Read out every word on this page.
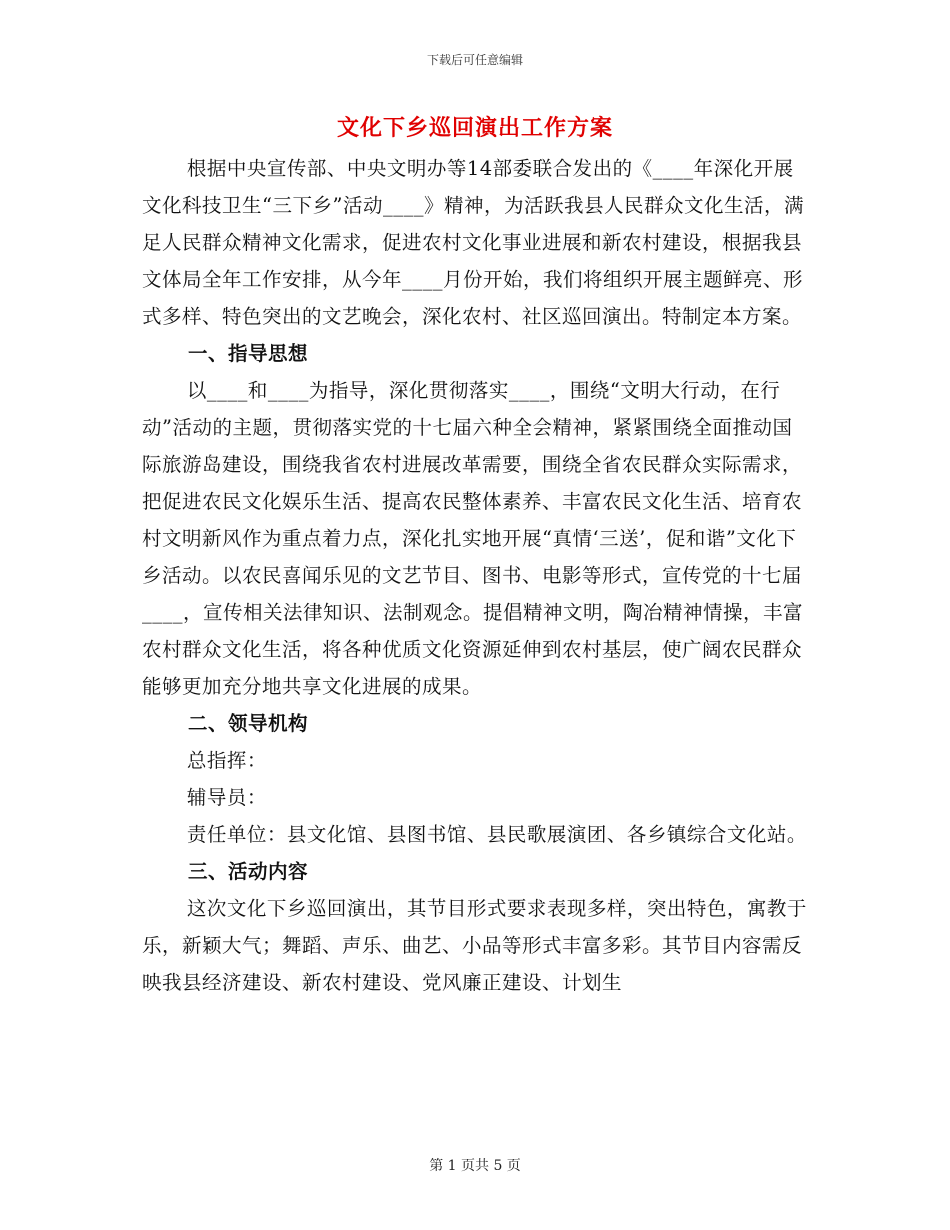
下载后可任意编辑
文化下乡巡回演出工作方案

根据中央宣传部、中央文明办等14部委联合发出的《____年深化开展文化科技卫生“三下乡”活动____》精神，为活跃我县人民群众文化生活，满足人民群众精神文化需求，促进农村文化事业进展和新农村建设，根据我县文体局全年工作安排，从今年____月份开始，我们将组织开展主题鲜亮、形式多样、特色突出的文艺晚会，深化农村、社区巡回演出。特制定本方案。

一、指导思想

以____和____为指导，深化贯彻落实____，围绕“文明大行动，在行动”活动的主题，贯彻落实党的十七届六种全会精神，紧紧围绕全面推动国际旅游岛建设，围绕我省农村进展改革需要，围绕全省农民群众实际需求，把促进农民文化娱乐生活、提高农民整体素养、丰富农民文化生活、培育农村文明新风作为重点着力点，深化扎实地开展“真情‘三送’，促和谐”文化下乡活动。以农民喜闻乐见的文艺节目、图书、电影等形式，宣传党的十七届____，宣传相关法律知识、法制观念。提倡精神文明，陶冶精神情操，丰富农村群众文化生活，将各种优质文化资源延伸到农村基层，使广阔农民群众能够更加充分地共享文化进展的成果。

二、领导机构

总指挥：

辅导员：

责任单位：县文化馆、县图书馆、县民歌展演团、各乡镇综合文化站。

三、活动内容

这次文化下乡巡回演出，其节目形式要求表现多样，突出特色，寓教于乐，新颖大气；舞蹈、声乐、曲艺、小品等形式丰富多彩。其节目内容需反映我县经济建设、新农村建设、党风廉正建设、计划生

第 1 页共 5 页
